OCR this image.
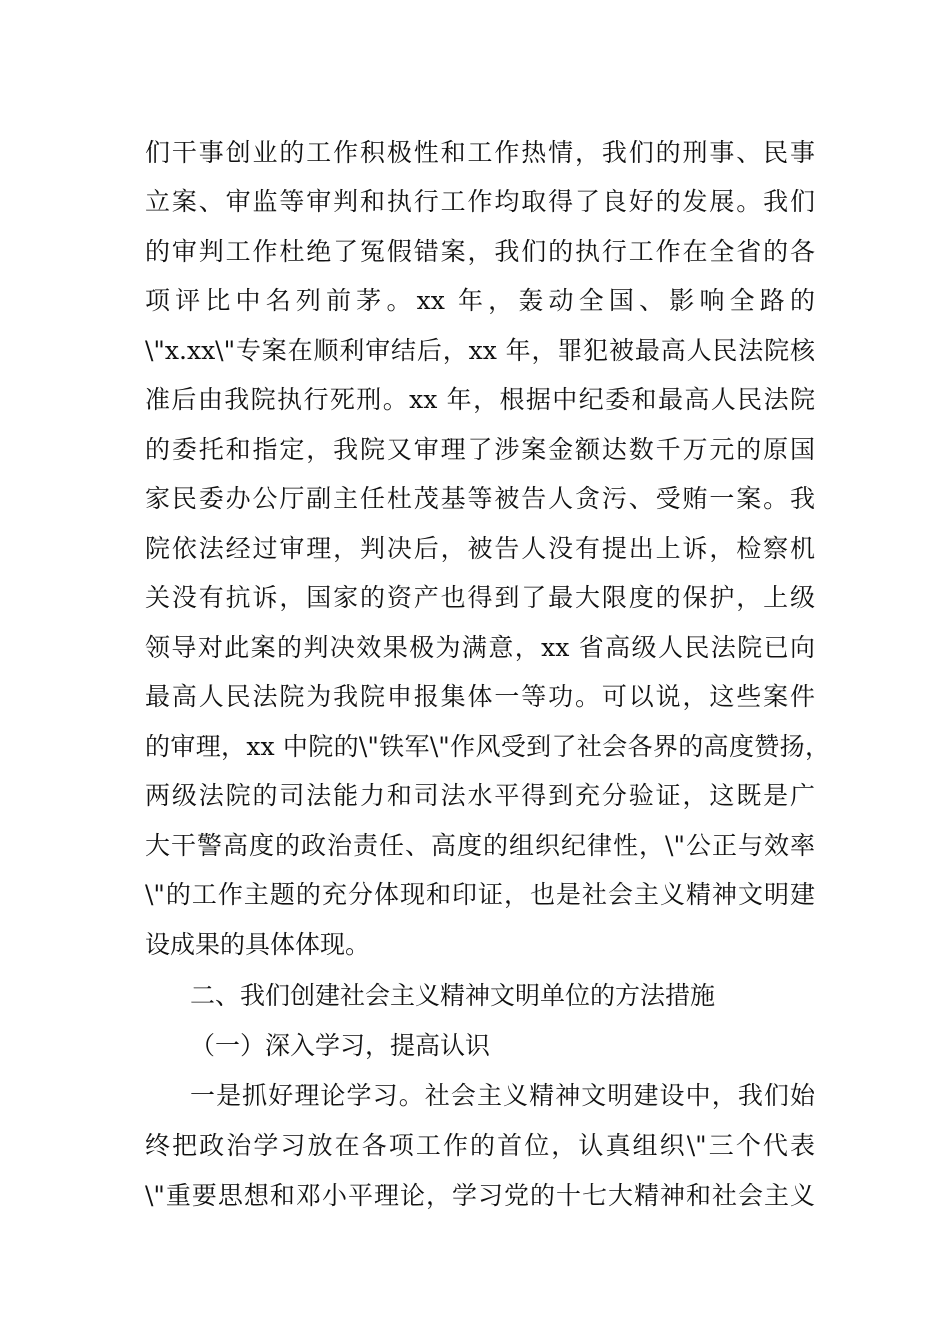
们干事创业的工作积极性和工作热情，我们的刑事、民事
立案、审监等审判和执行工作均取得了良好的发展。我们
的审判工作杜绝了冤假错案，我们的执行工作在全省的各
项评比中名列前茅。xx 年，轰动全国、影响全路的
\"x.xx\"专案在顺利审结后，xx 年，罪犯被最高人民法院核
准后由我院执行死刑。xx 年，根据中纪委和最高人民法院
的委托和指定，我院又审理了涉案金额达数千万元的原国
家民委办公厅副主任杜茂基等被告人贪污、受贿一案。我
院依法经过审理，判决后，被告人没有提出上诉，检察机
关没有抗诉，国家的资产也得到了最大限度的保护，上级
领导对此案的判决效果极为满意，xx 省高级人民法院已向
最高人民法院为我院申报集体一等功。可以说，这些案件
的审理，xx 中院的\"铁军\"作风受到了社会各界的高度赞扬，
两级法院的司法能力和司法水平得到充分验证，这既是广
大干警高度的政治责任、高度的组织纪律性，\"公正与效率
\"的工作主题的充分体现和印证，也是社会主义精神文明建
设成果的具体体现。
二、我们创建社会主义精神文明单位的方法措施
（一）深入学习，提高认识
一是抓好理论学习。社会主义精神文明建设中，我们始
终把政治学习放在各项工作的首位，认真组织\"三个代表
\"重要思想和邓小平理论，学习党的十七大精神和社会主义
